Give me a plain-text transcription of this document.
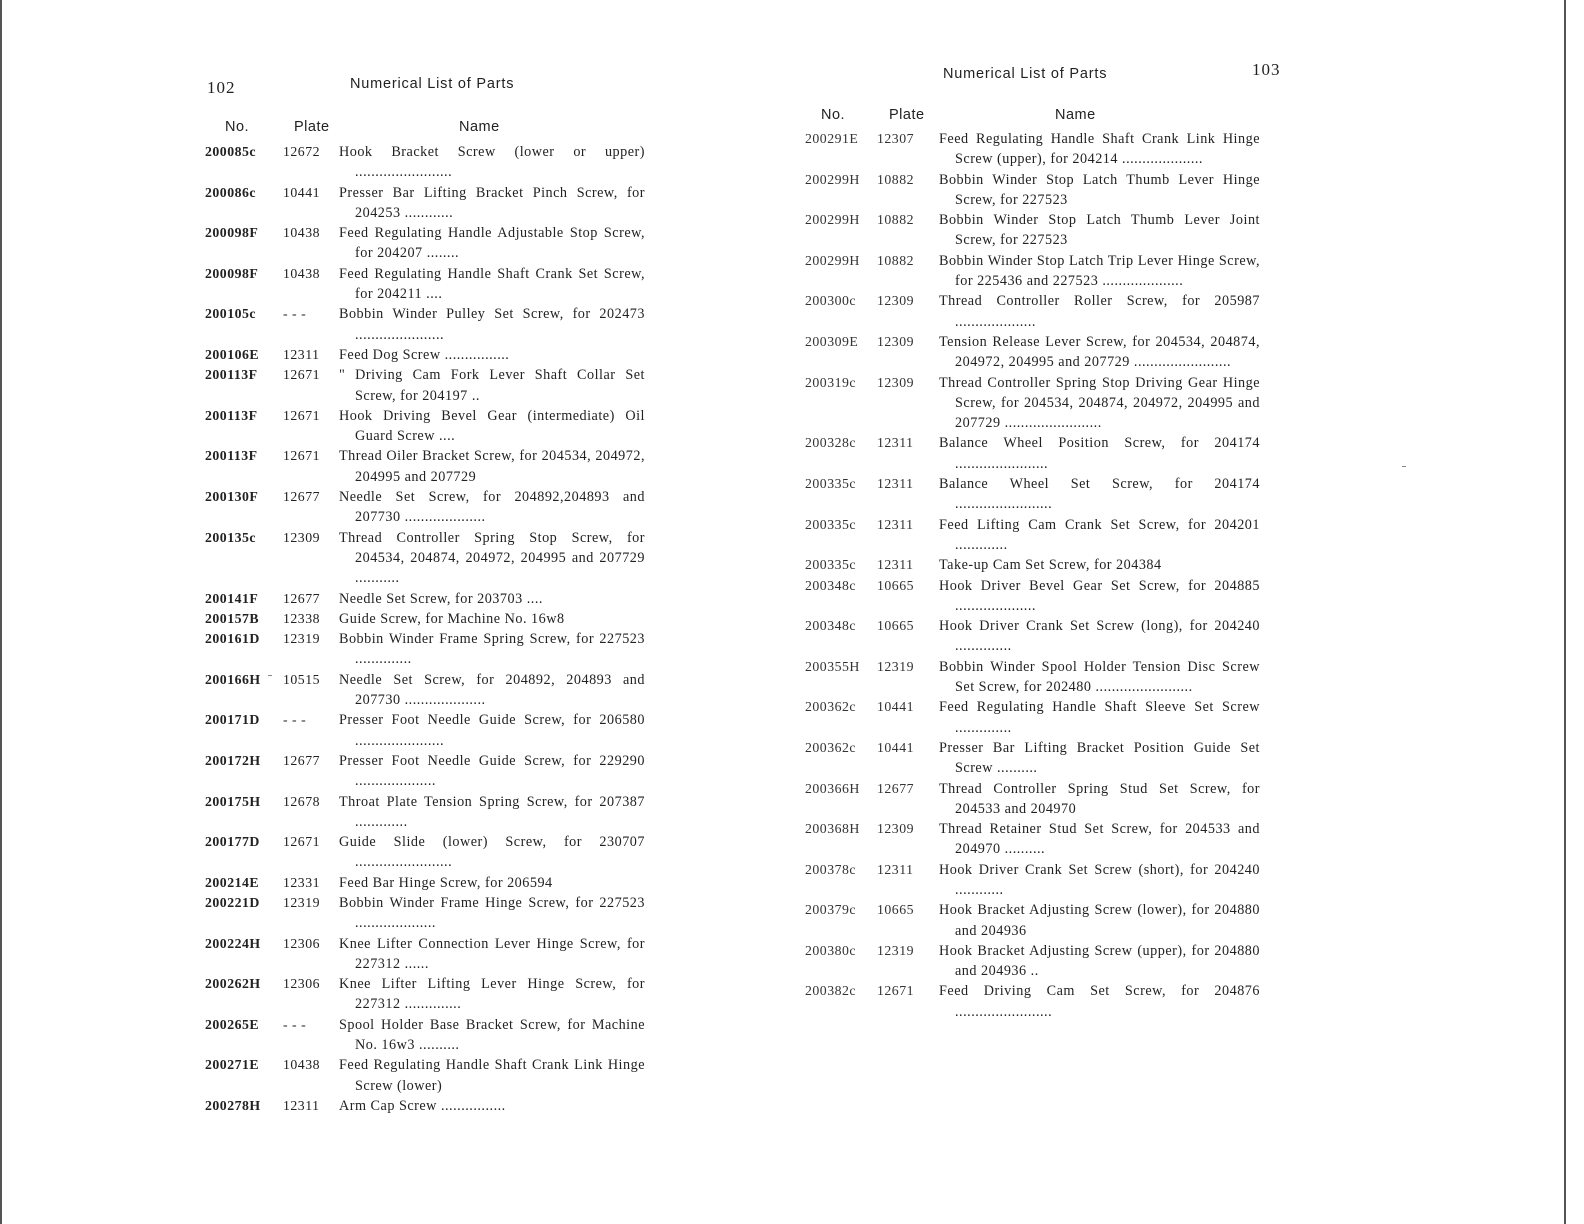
102	Numerical List of Parts
No.	Plate	Name
200085c	12672	Hook Bracket Screw (lower or upper) ........................
200086c	10441	Presser Bar Lifting Bracket Pinch Screw, for 204253 ............
200098F	10438	Feed Regulating Handle Adjustable Stop Screw, for 204207 ........
200098F	10438	Feed Regulating Handle Shaft Crank Set Screw, for 204211 ....
200105c	- - -	Bobbin Winder Pulley Set Screw, for 202473 ......................
200106E	12311	Feed Dog Screw ................
200113F	12671	" Driving Cam Fork Lever Shaft Collar Set Screw, for 204197 ..
200113F	12671	Hook Driving Bevel Gear (intermediate) Oil Guard Screw ....
200113F	12671	Thread Oiler Bracket Screw, for 204534, 204972, 204995 and 207729
200130F	12677	Needle Set Screw, for 204892,204893 and 207730 ....................
200135c	12309	Thread Controller Spring Stop Screw, for 204534, 204874, 204972, 204995 and 207729 ...........
200141F	12677	Needle Set Screw, for 203703 ....
200157B	12338	Guide Screw, for Machine No. 16w8
200161D	12319	Bobbin Winder Frame Spring Screw, for 227523 ..............
200166H	10515	Needle Set Screw, for 204892, 204893 and 207730 ....................
200171D	- - -	Presser Foot Needle Guide Screw, for 206580 ......................
200172H	12677	Presser Foot Needle Guide Screw, for 229290 ....................
200175H	12678	Throat Plate Tension Spring Screw, for 207387 .............
200177D	12671	Guide Slide (lower) Screw, for 230707 ........................
200214E	12331	Feed Bar Hinge Screw, for 206594
200221D	12319	Bobbin Winder Frame Hinge Screw, for 227523 ....................
200224H	12306	Knee Lifter Connection Lever Hinge Screw, for 227312 ......
200262H	12306	Knee Lifter Lifting Lever Hinge Screw, for 227312 ..............
200265E	- - -	Spool Holder Base Bracket Screw, for Machine No. 16w3 ..........
200271E	10438	Feed Regulating Handle Shaft Crank Link Hinge Screw (lower)
200278H	12311	Arm Cap Screw ................
Numerical List of Parts	103
No.	Plate	Name
200291E	12307	Feed Regulating Handle Shaft Crank Link Hinge Screw (upper), for 204214 ....................
200299H	10882	Bobbin Winder Stop Latch Thumb Lever Hinge Screw, for 227523
200299H	10882	Bobbin Winder Stop Latch Thumb Lever Joint Screw, for 227523
200299H	10882	Bobbin Winder Stop Latch Trip Lever Hinge Screw, for 225436 and 227523 ....................
200300c	12309	Thread Controller Roller Screw, for 205987 ....................
200309E	12309	Tension Release Lever Screw, for 204534, 204874, 204972, 204995 and 207729 ........................
200319c	12309	Thread Controller Spring Stop Driving Gear Hinge Screw, for 204534, 204874, 204972, 204995 and 207729 ........................
200328c	12311	Balance Wheel Position Screw, for 204174 .......................
200335c	12311	Balance Wheel Set Screw, for 204174 ........................
200335c	12311	Feed Lifting Cam Crank Set Screw, for 204201 .............
200335c	12311	Take-up Cam Set Screw, for 204384
200348c	10665	Hook Driver Bevel Gear Set Screw, for 204885 ....................
200348c	10665	Hook Driver Crank Set Screw (long), for 204240 ..............
200355H	12319	Bobbin Winder Spool Holder Tension Disc Screw Set Screw, for 202480 ........................
200362c	10441	Feed Regulating Handle Shaft Sleeve Set Screw ..............
200362c	10441	Presser Bar Lifting Bracket Position Guide Set Screw ..........
200366H	12677	Thread Controller Spring Stud Set Screw, for 204533 and 204970
200368H	12309	Thread Retainer Stud Set Screw, for 204533 and 204970 ..........
200378c	12311	Hook Driver Crank Set Screw (short), for 204240 ............
200379c	10665	Hook Bracket Adjusting Screw (lower), for 204880 and 204936
200380c	12319	Hook Bracket Adjusting Screw (upper), for 204880 and 204936 ..
200382c	12671	Feed Driving Cam Set Screw, for 204876 ........................
